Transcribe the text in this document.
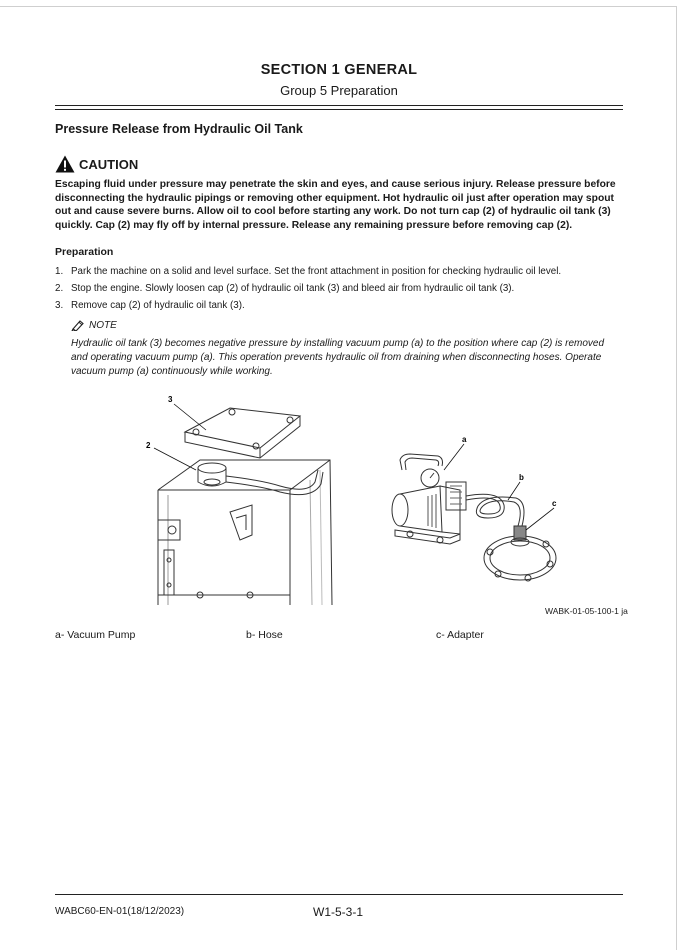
SECTION 1 GENERAL
Group 5 Preparation
Pressure Release from Hydraulic Oil Tank
CAUTION
Escaping fluid under pressure may penetrate the skin and eyes, and cause serious injury. Release pressure before disconnecting the hydraulic pipings or removing other equipment. Hot hydraulic oil just after operation may spout out and cause severe burns. Allow oil to cool before starting any work. Do not turn cap (2) of hydraulic oil tank (3) quickly. Cap (2) may fly off by internal pressure. Release any remaining pressure before removing cap (2).
Preparation
1. Park the machine on a solid and level surface. Set the front attachment in position for checking hydraulic oil level.
2. Stop the engine. Slowly loosen cap (2) of hydraulic oil tank (3) and bleed air from hydraulic oil tank (3).
3. Remove cap (2) of hydraulic oil tank (3).
NOTE
Hydraulic oil tank (3) becomes negative pressure by installing vacuum pump (a) to the position where cap (2) is removed and operating vacuum pump (a). This operation prevents hydraulic oil from draining when disconnecting hoses. Operate vacuum pump (a) continuously while working.
3
2
a
b
c
WABK-01-05-100-1 ja
a- Vacuum Pump	b- Hose	c- Adapter
WABC60-EN-01(18/12/2023)	W1-5-3-1
